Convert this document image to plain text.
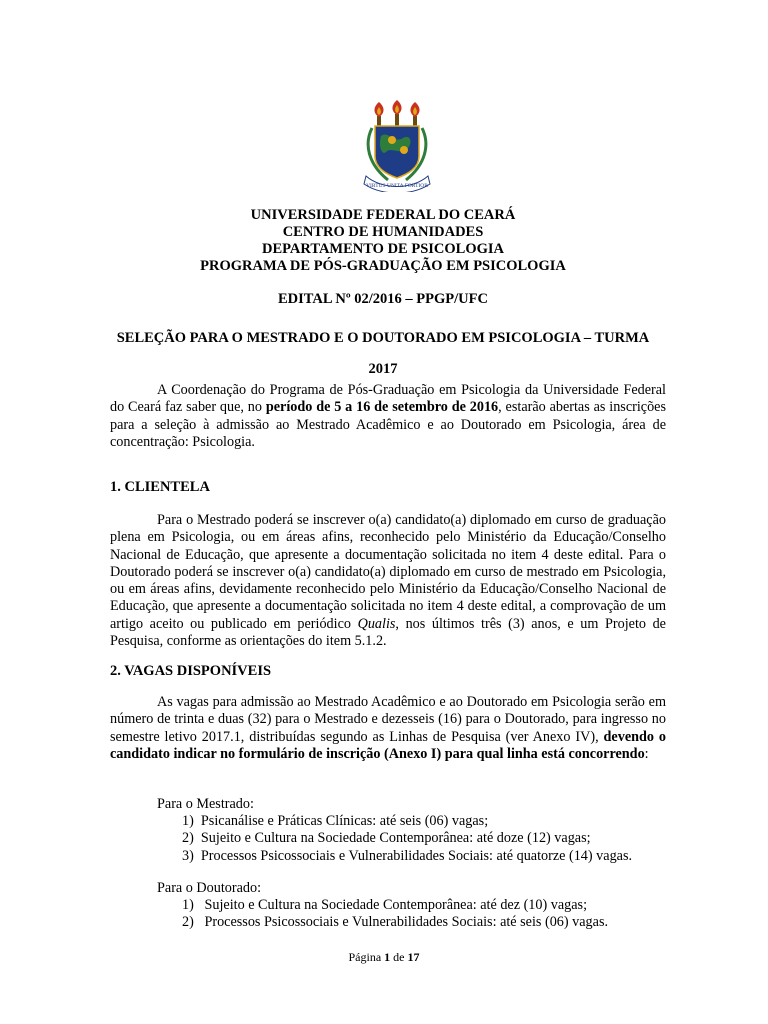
VIRTUS UNITA FORTIOR
UNIVERSIDADE FEDERAL DO CEARÁ
CENTRO DE HUMANIDADES
DEPARTAMENTO DE PSICOLOGIA
PROGRAMA DE PÓS-GRADUAÇÃO EM PSICOLOGIA
EDITAL Nº 02/2016 – PPGP/UFC
SELEÇÃO PARA O MESTRADO E O DOUTORADO EM PSICOLOGIA – TURMA 2017
A Coordenação do Programa de Pós-Graduação em Psicologia da Universidade Federal do Ceará faz saber que, no período de 5 a 16 de setembro de 2016, estarão abertas as inscrições para a seleção à admissão ao Mestrado Acadêmico e ao Doutorado em Psicologia, área de concentração: Psicologia.
1. CLIENTELA
Para o Mestrado poderá se inscrever o(a) candidato(a) diplomado em curso de graduação plena em Psicologia, ou em áreas afins, reconhecido pelo Ministério da Educação/Conselho Nacional de Educação, que apresente a documentação solicitada no item 4 deste edital. Para o Doutorado poderá se inscrever o(a) candidato(a) diplomado em curso de mestrado em Psicologia, ou em áreas afins, devidamente reconhecido pelo Ministério da Educação/Conselho Nacional de Educação, que apresente a documentação solicitada no item 4 deste edital, a comprovação de um artigo aceito ou publicado em periódico Qualis, nos últimos três (3) anos, e um Projeto de Pesquisa, conforme as orientações do item 5.1.2.
2. VAGAS DISPONÍVEIS
As vagas para admissão ao Mestrado Acadêmico e ao Doutorado em Psicologia serão em número de trinta e duas (32) para o Mestrado e dezesseis (16) para o Doutorado, para ingresso no semestre letivo 2017.1, distribuídas segundo as Linhas de Pesquisa (ver Anexo IV), devendo o candidato indicar no formulário de inscrição (Anexo I) para qual linha está concorrendo:
Para o Mestrado:
1)  Psicanálise e Práticas Clínicas: até seis (06) vagas;
2)  Sujeito e Cultura na Sociedade Contemporânea: até doze (12) vagas;
3)  Processos Psicossociais e Vulnerabilidades Sociais: até quatorze (14) vagas.
Para o Doutorado:
1)   Sujeito e Cultura na Sociedade Contemporânea: até dez (10) vagas;
2)   Processos Psicossociais e Vulnerabilidades Sociais: até seis (06) vagas.
Página 1 de 17
